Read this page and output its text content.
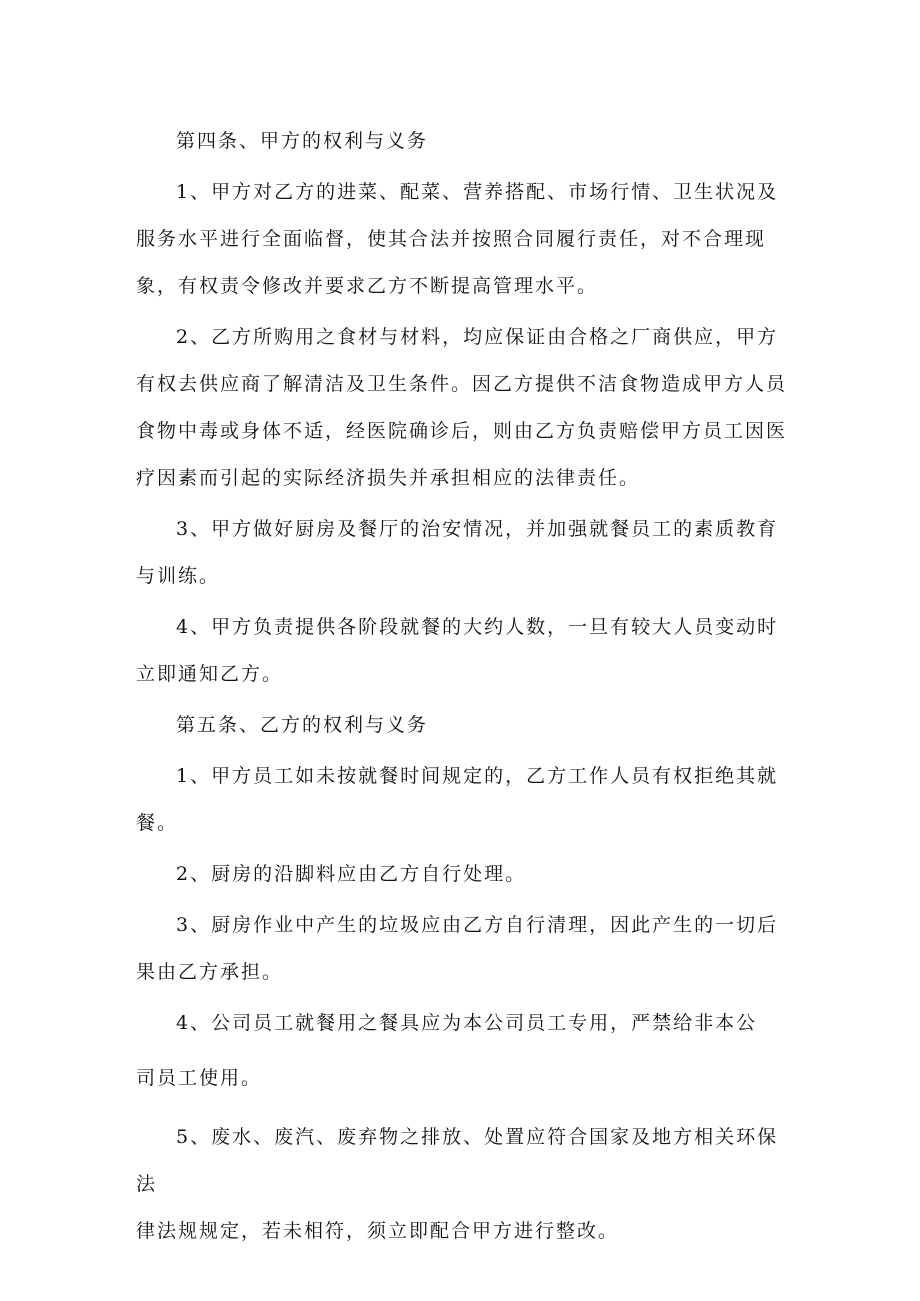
第四条、甲方的权利与义务

1、甲方对乙方的进菜、配菜、营养搭配、市场行情、卫生状况及服务水平进行全面临督，使其合法并按照合同履行责任，对不合理现象，有权责令修改并要求乙方不断提高管理水平。

2、乙方所购用之食材与材料，均应保证由合格之厂商供应，甲方有权去供应商了解清洁及卫生条件。因乙方提供不洁食物造成甲方人员食物中毒或身体不适，经医院确诊后，则由乙方负责赔偿甲方员工因医疗因素而引起的实际经济损失并承担相应的法律责任。

3、甲方做好厨房及餐厅的治安情况，并加强就餐员工的素质教育与训练。

4、甲方负责提供各阶段就餐的大约人数，一旦有较大人员变动时立即通知乙方。

第五条、乙方的权利与义务

1、甲方员工如未按就餐时间规定的，乙方工作人员有权拒绝其就餐。

2、厨房的沿脚料应由乙方自行处理。

3、厨房作业中产生的垃圾应由乙方自行清理，因此产生的一切后果由乙方承担。

4、公司员工就餐用之餐具应为本公司员工专用，严禁给非本公

司员工使用。

5、废水、废汽、废弃物之排放、处置应符合国家及地方相关环保法

律法规规定，若未相符，须立即配合甲方进行整改。
